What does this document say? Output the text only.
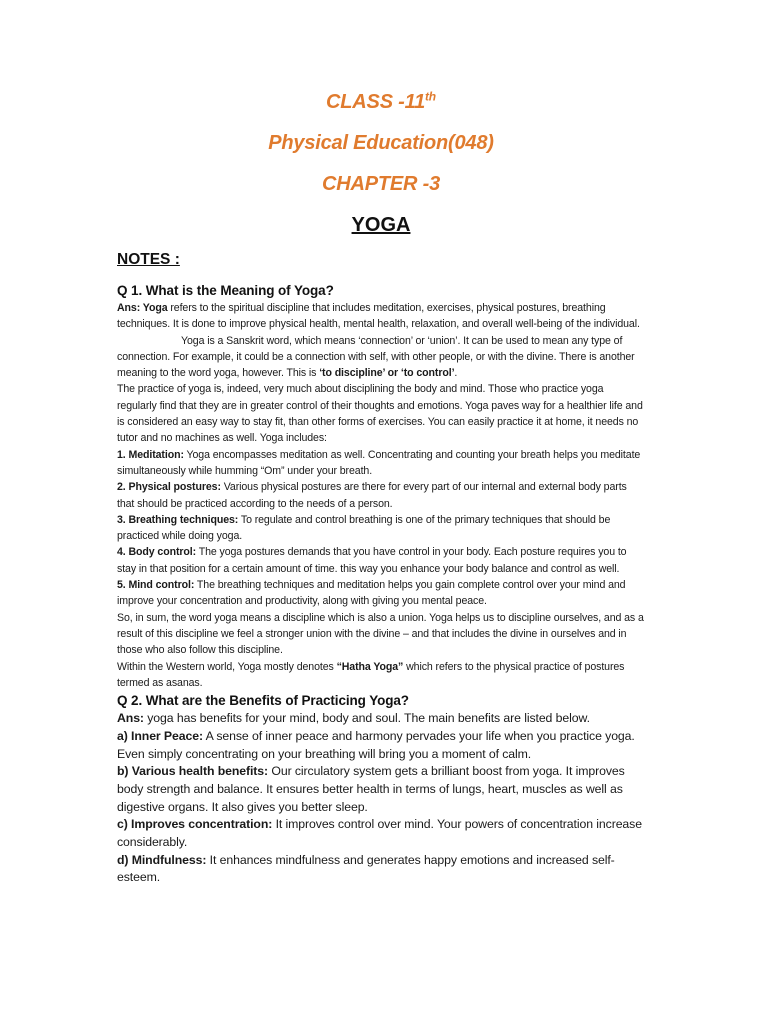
CLASS -11th
Physical Education(048)
CHAPTER -3
YOGA
NOTES :
Q 1. What is the Meaning of Yoga?

Ans: Yoga refers to the spiritual discipline that includes meditation, exercises, physical postures, breathing techniques. It is done to improve physical health, mental health, relaxation, and overall well-being of the individual.

Yoga is a Sanskrit word, which means ‘connection’ or ‘union’. It can be used to mean any type of connection. For example, it could be a connection with self, with other people, or with the divine. There is another meaning to the word yoga, however. This is ‘to discipline’ or ‘to control’.

The practice of yoga is, indeed, very much about disciplining the body and mind. Those who practice yoga regularly find that they are in greater control of their thoughts and emotions. Yoga paves way for a healthier life and is considered an easy way to stay fit, than other forms of exercises. You can easily practice it at home, it needs no tutor and no machines as well. Yoga includes:

1. Meditation: Yoga encompasses meditation as well. Concentrating and counting your breath helps you meditate simultaneously while humming “Om” under your breath.

2. Physical postures: Various physical postures are there for every part of our internal and external body parts that should be practiced according to the needs of a person.

3. Breathing techniques: To regulate and control breathing is one of the primary techniques that should be practiced while doing yoga.

4. Body control: The yoga postures demands that you have control in your body. Each posture requires you to stay in that position for a certain amount of time. this way you enhance your body balance and control as well.

5. Mind control: The breathing techniques and meditation helps you gain complete control over your mind and improve your concentration and productivity, along with giving you mental peace.

So, in sum, the word yoga means a discipline which is also a union. Yoga helps us to discipline ourselves, and as a result of this discipline we feel a stronger union with the divine – and that includes the divine in ourselves and in those who also follow this discipline.

Within the Western world, Yoga mostly denotes “Hatha Yoga” which refers to the physical practice of postures termed as asanas.

Q 2. What are the Benefits of Practicing Yoga?

Ans: yoga has benefits for your mind, body and soul. The main benefits are listed below.

a) Inner Peace: A sense of inner peace and harmony pervades your life when you practice yoga. Even simply concentrating on your breathing will bring you a moment of calm.

b) Various health benefits: Our circulatory system gets a brilliant boost from yoga. It improves body strength and balance. It ensures better health in terms of lungs, heart, muscles as well as digestive organs. It also gives you better sleep.

c) Improves concentration: It improves control over mind. Your powers of concentration increase considerably.

d) Mindfulness: It enhances mindfulness and generates happy emotions and increased self-esteem.
